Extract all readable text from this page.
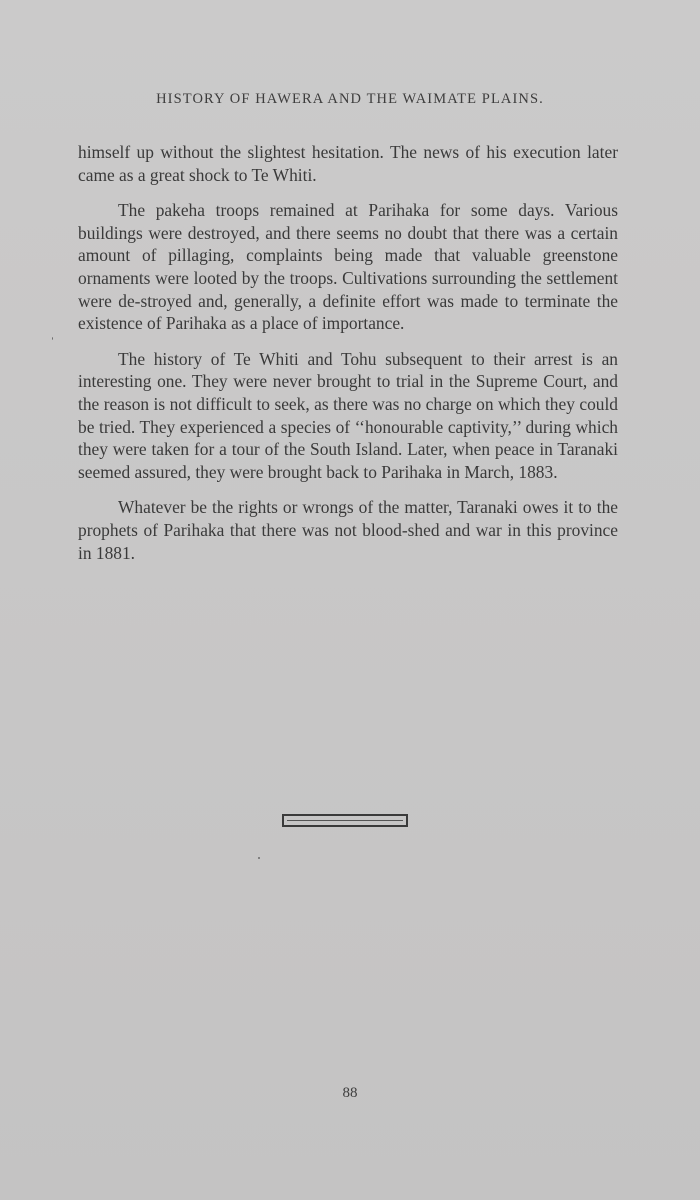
HISTORY OF HAWERA AND THE WAIMATE PLAINS.

himself up without the slightest hesitation. The news of his execution later came as a great shock to Te Whiti.

The pakeha troops remained at Parihaka for some days. Various buildings were destroyed, and there seems no doubt that there was a certain amount of pillaging, complaints being made that valuable greenstone ornaments were looted by the troops. Cultivations surrounding the settlement were de-stroyed and, generally, a definite effort was made to terminate the existence of Parihaka as a place of importance.

The history of Te Whiti and Tohu subsequent to their arrest is an interesting one. They were never brought to trial in the Supreme Court, and the reason is not difficult to seek, as there was no charge on which they could be tried. They experienced a species of ‘‘honourable captivity,’’ during which they were taken for a tour of the South Island. Later, when peace in Taranaki seemed assured, they were brought back to Parihaka in March, 1883.

Whatever be the rights or wrongs of the matter, Taranaki owes it to the prophets of Parihaka that there was not blood-shed and war in this province in 1881.

88
